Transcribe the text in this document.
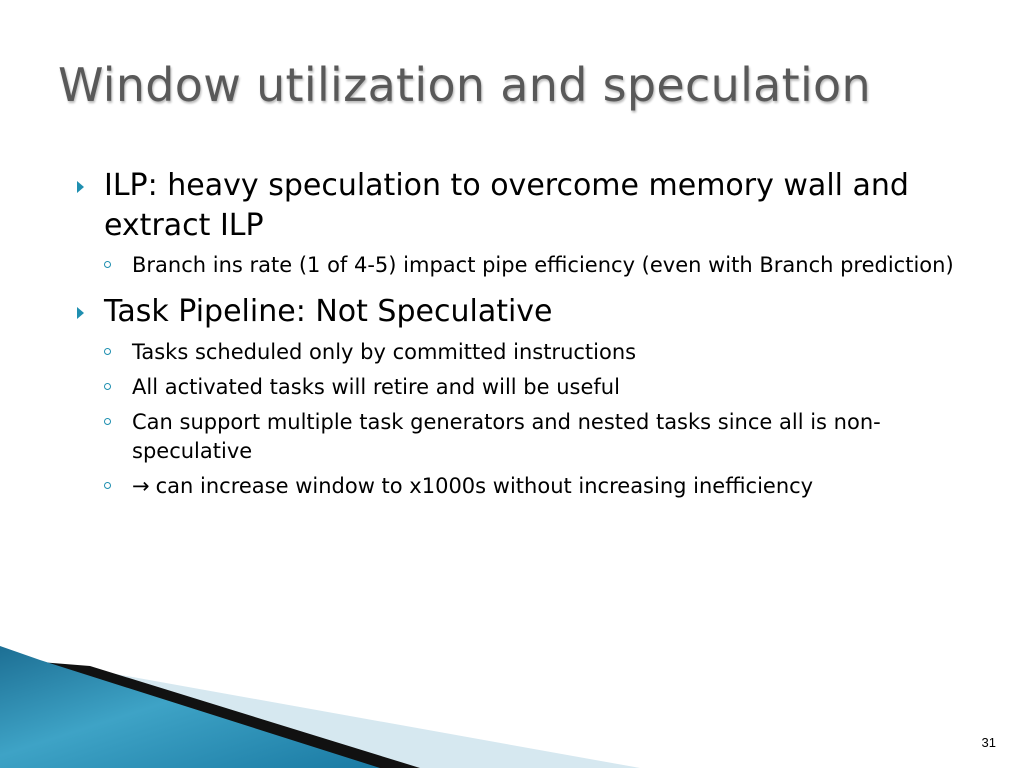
Window utilization and speculation
ILP: heavy speculation to overcome memory wall and extract ILP
Branch ins rate (1 of 4-5) impact pipe efficiency (even with Branch prediction)
Task Pipeline: Not Speculative
Tasks scheduled only by committed instructions
All activated tasks will retire and will be useful
Can support multiple task generators and nested tasks since all is non-speculative
→ can increase window to x1000s without increasing inefficiency
31
